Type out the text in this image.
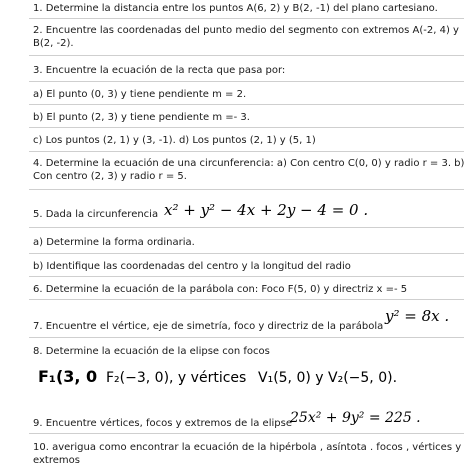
1. Determine la distancia entre los puntos A(6, 2) y B(2, -1) del plano cartesiano.
2. Encuentre las coordenadas del punto medio del segmento con extremos A(-2, 4) y B(2, -2).
3. Encuentre la ecuación de la recta que pasa por:
a) El punto (0, 3) y tiene pendiente m = 2.
b) El punto (2, 3) y tiene pendiente m =- 3.
c) Los puntos (2, 1) y (3, -1). d) Los puntos (2, 1) y (5, 1)
4. Determine la ecuación de una circunferencia: a) Con centro C(0, 0) y radio r = 3. b) Con centro (2, 3) y radio r = 5.
5. Dada la circunferencia x² + y² − 4x + 2y − 4 = 0 .
a) Determine la forma ordinaria.
b) Identifique las coordenadas del centro y la longitud del radio
6. Determine la ecuación de la parábola con: Foco F(5, 0) y directriz x =- 5
7. Encuentre el vértice, eje de simetría, foco y directriz de la parábola
y² = 8x .
8. Determine la ecuación de la elipse con focos
F₁(3, 0 F₂(−3, 0), y vértices V₁(5, 0) y V₂(−5, 0).
9. Encuentre vértices, focos y extremos de la elipse
25x² + 9y² = 225 .
10. averigua como encontrar la ecuación de la hipérbola , asíntota . focos , vértices y extremos
